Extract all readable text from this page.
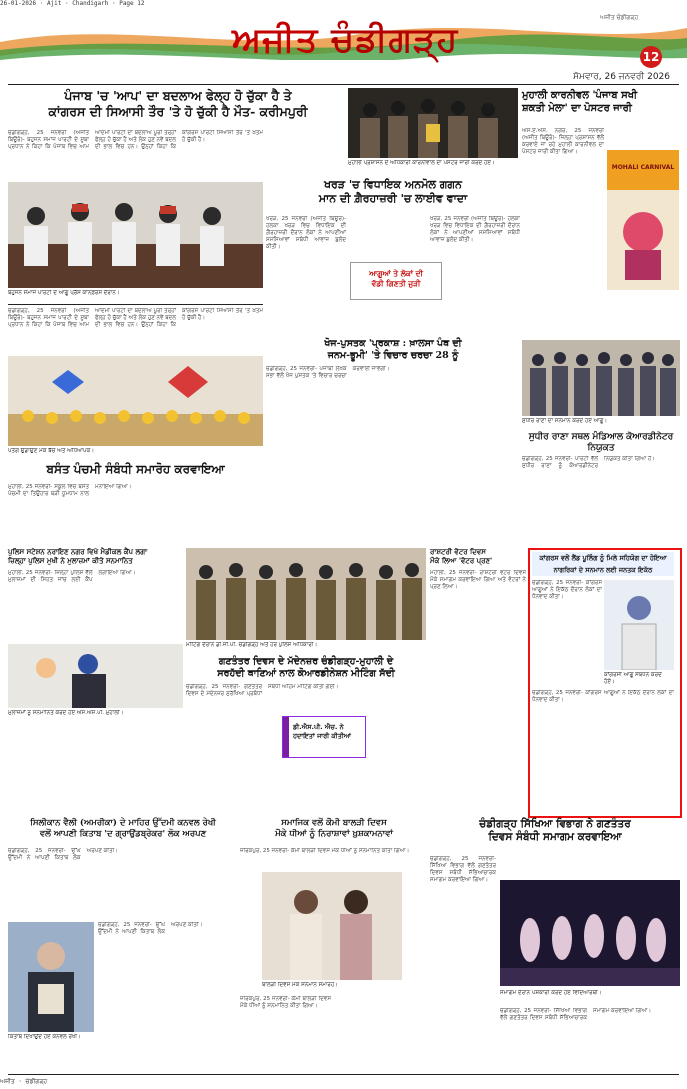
26-01-2026 · Ajit · Chandigarh · Page 12
ਅਜੀਤ ਚੰਡੀਗੜ੍ਹ
ਅਜੀਤ ਚੰਡੀਗੜ੍ਹ
12
ਸੋਮਵਾਰ, 26 ਜਨਵਰੀ 2026
ਪੰਜਾਬ 'ਚ 'ਆਪ' ਦਾ ਬਦਲਾਅ ਫੇਲ੍ਹ ਹੋ ਚੁੱਕਾ ਹੈ ਤੇ
ਕਾਂਗਰਸ ਦੀ ਸਿਆਸੀ ਤੌਰ 'ਤੇ ਹੋ ਚੁੱਕੀ ਹੈ ਮੌਤ- ਕਰੀਮਪੁਰੀ
ਚੰਡੀਗੜ੍ਹ, 25 ਜਨਵਰੀ (ਅਜੀਤ ਬਿਊਰੋ)- ਬਹੁਜਨ ਸਮਾਜ ਪਾਰਟੀ ਦੇ ਸੂਬਾ ਪ੍ਰਧਾਨ ਨੇ ਕਿਹਾ ਕਿ ਪੰਜਾਬ ਵਿਚ ਆਮ ਆਦਮੀ ਪਾਰਟੀ ਦਾ ਬਦਲਾਅ ਪੂਰੀ ਤਰ੍ਹਾਂ ਫੇਲ੍ਹ ਹੋ ਚੁੱਕਾ ਹੈ ਅਤੇ ਲੋਕ ਹੁਣ ਨਵੇਂ ਬਦਲ ਦੀ ਭਾਲ ਵਿਚ ਹਨ। ਉਨ੍ਹਾਂ ਕਿਹਾ ਕਿ ਕਾਂਗਰਸ ਪਾਰਟੀ ਸਿਆਸੀ ਤੌਰ 'ਤੇ ਖ਼ਤਮ ਹੋ ਚੁੱਕੀ ਹੈ।
ਬਹੁਜਨ ਸਮਾਜ ਪਾਰਟੀ ਦੇ ਆਗੂ ਪ੍ਰੈੱਸ ਕਾਨਫ਼ਰੰਸ ਦੌਰਾਨ।
ਮੁਹਾਲੀ ਪ੍ਰਸ਼ਾਸਨ ਦੇ ਅਧਿਕਾਰੀ ਕਾਰਨੀਵਾਲ ਦਾ ਪੋਸਟਰ ਜਾਰੀ ਕਰਦੇ ਹੋਏ।
ਖਰੜ 'ਚ ਵਿਧਾਇਕ ਅਨਮੋਲ ਗਗਨ
ਮਾਨ ਦੀ ਗ਼ੈਰਹਾਜ਼ਰੀ 'ਚ ਲਾਈਵ ਵਾਦਾ
ਖਰੜ, 25 ਜਨਵਰੀ (ਅਜੀਤ ਬਿਊਰੋ)- ਹਲਕਾ ਖਰੜ ਵਿਚ ਵਿਧਾਇਕ ਦੀ ਗ਼ੈਰਹਾਜ਼ਰੀ ਦੌਰਾਨ ਲੋਕਾਂ ਨੇ ਆਪਣੀਆਂ ਸਮੱਸਿਆਵਾਂ ਸਬੰਧੀ ਆਵਾਜ਼ ਬੁਲੰਦ ਕੀਤੀ।
ਆਗੂਆਂ ਤੇ ਲੋਕਾਂ ਦੀ
ਵੱਡੀ ਗਿਣਤੀ ਜੁੜੀ
ਖਰੜ, 25 ਜਨਵਰੀ (ਅਜੀਤ ਬਿਊਰੋ)- ਹਲਕਾ ਖਰੜ ਵਿਚ ਵਿਧਾਇਕ ਦੀ ਗ਼ੈਰਹਾਜ਼ਰੀ ਦੌਰਾਨ ਲੋਕਾਂ ਨੇ ਆਪਣੀਆਂ ਸਮੱਸਿਆਵਾਂ ਸਬੰਧੀ ਆਵਾਜ਼ ਬੁਲੰਦ ਕੀਤੀ।
ਮੁਹਾਲੀ ਕਾਰਨੀਵਲ 'ਪੰਜਾਬ ਸਖੀ
ਸ਼ਕਤੀ ਮੇਲਾ' ਦਾ ਪੋਸਟਰ ਜਾਰੀ
ਐਸ.ਏ.ਐਸ. ਨਗਰ, 25 ਜਨਵਰੀ (ਅਜੀਤ ਬਿਊਰੋ)- ਜ਼ਿਲ੍ਹਾ ਪ੍ਰਸ਼ਾਸਨ ਵੱਲੋਂ ਕਰਵਾਏ ਜਾ ਰਹੇ ਮੁਹਾਲੀ ਕਾਰਨੀਵਲ ਦਾ ਪੋਸਟਰ ਜਾਰੀ ਕੀਤਾ ਗਿਆ।
MOHALI CARNIVAL
ਚੰਡੀਗੜ੍ਹ, 25 ਜਨਵਰੀ (ਅਜੀਤ ਬਿਊਰੋ)- ਬਹੁਜਨ ਸਮਾਜ ਪਾਰਟੀ ਦੇ ਸੂਬਾ ਪ੍ਰਧਾਨ ਨੇ ਕਿਹਾ ਕਿ ਪੰਜਾਬ ਵਿਚ ਆਮ ਆਦਮੀ ਪਾਰਟੀ ਦਾ ਬਦਲਾਅ ਪੂਰੀ ਤਰ੍ਹਾਂ ਫੇਲ੍ਹ ਹੋ ਚੁੱਕਾ ਹੈ ਅਤੇ ਲੋਕ ਹੁਣ ਨਵੇਂ ਬਦਲ ਦੀ ਭਾਲ ਵਿਚ ਹਨ। ਉਨ੍ਹਾਂ ਕਿਹਾ ਕਿ ਕਾਂਗਰਸ ਪਾਰਟੀ ਸਿਆਸੀ ਤੌਰ 'ਤੇ ਖ਼ਤਮ ਹੋ ਚੁੱਕੀ ਹੈ।
ਪਤੰਗ ਉਡਾਉਣ ਮੌਕੇ ਬੱਚੇ ਅਤੇ ਅਧਿਆਪਕ।
ਬਸੰਤ ਪੰਚਮੀ ਸੰਬੰਧੀ ਸਮਾਰੋਹ ਕਰਵਾਇਆ
ਮੁਹਾਲੀ, 25 ਜਨਵਰੀ- ਸਕੂਲ ਵਿਚ ਬਸੰਤ ਪੰਚਮੀ ਦਾ ਤਿਉਹਾਰ ਬੜੀ ਧੂਮਧਾਮ ਨਾਲ ਮਨਾਇਆ ਗਿਆ।
ਖੋਜ-ਪੁਸਤਕ 'ਪ੍ਰਕਾਸ਼ : ਖ਼ਾਲਸਾ ਪੰਥ ਦੀ
ਜਨਮ-ਭੂਮੀ' 'ਤੇ ਵਿਚਾਰ ਚਰਚਾ 28 ਨੂੰ
ਚੰਡੀਗੜ੍ਹ, 25 ਜਨਵਰੀ- ਪੰਜਾਬੀ ਲੇਖਕ ਸਭਾ ਵੱਲੋਂ ਖੋਜ ਪੁਸਤਕ 'ਤੇ ਵਿਚਾਰ ਚਰਚਾ ਕਰਵਾਈ ਜਾਵੇਗੀ।
ਸੁਧੀਰ ਰਾਣਾ ਦਾ ਸਨਮਾਨ ਕਰਦੇ ਹੋਏ ਆਗੂ।
ਸੁਧੀਰ ਰਾਣਾ ਸਥਲ ਮੰਡਿਆਲ ਕੋਆਰਡੀਨੇਟਰ ਨਿਯੁਕਤ
ਚੰਡੀਗੜ੍ਹ, 25 ਜਨਵਰੀ- ਪਾਰਟੀ ਵੱਲੋਂ ਸੁਧੀਰ ਰਾਣਾ ਨੂੰ ਕੋਆਰਡੀਨੇਟਰ ਨਿਯੁਕਤ ਕੀਤਾ ਗਿਆ ਹੈ।
ਪੁਲਿਸ ਸਟੇਸ਼ਨ ਨਰਾਇਣ ਨਗਰ ਵਿਖੇ ਮੈਡੀਕਲ ਕੈਂਪ ਲਗਾ
ਜ਼ਿਲ੍ਹਾ ਪੁਲਿਸ ਮੁਖੀ ਨੇ ਮੁਲਾਜ਼ਮਾਂ ਕੀਤੇ ਸਨਮਾਨਿਤ
ਮੁਹਾਲੀ, 25 ਜਨਵਰੀ- ਜ਼ਿਲ੍ਹਾ ਪੁਲਿਸ ਵੱਲੋਂ ਮੁਲਾਜ਼ਮਾਂ ਦੀ ਸਿਹਤ ਜਾਂਚ ਲਈ ਕੈਂਪ ਲਗਾਇਆ ਗਿਆ।
ਮੁਲਾਜ਼ਮਾਂ ਨੂੰ ਸਨਮਾਨਿਤ ਕਰਦੇ ਹੋਏ ਐਸ.ਐਸ.ਪੀ. ਮੁਹਾਲੀ।
ਮੀਟਿੰਗ ਦੌਰਾਨ ਡੀ.ਜੀ.ਪੀ. ਚੰਡੀਗੜ੍ਹ ਅਤੇ ਹੋਰ ਪੁਲਿਸ ਅਧਿਕਾਰੀ।
ਗਣਤੰਤਰ ਦਿਵਸ ਦੇ ਮੱਦੇਨਜ਼ਰ ਚੰਡੀਗੜ੍ਹ-ਮੁਹਾਲੀ ਦੇ
ਸਰਹੱਦੀ ਥਾਣਿਆਂ ਨਾਲ ਕੋਆਰਡੀਨੇਸ਼ਨ ਮੀਟਿੰਗ ਸੱਦੀ
ਚੰਡੀਗੜ੍ਹ, 25 ਜਨਵਰੀ- ਗਣਤੰਤਰ ਦਿਵਸ ਦੇ ਮੱਦੇਨਜ਼ਰ ਸੁਰੱਖਿਆ ਪ੍ਰਬੰਧਾਂ ਸਬੰਧੀ ਅਹਿਮ ਮੀਟਿੰਗ ਕੀਤੀ ਗਈ।
ਡੀ.ਐਸ.ਪੀ. ਐਚ. ਨੇ ਹਦਾਇਤਾਂ ਜਾਰੀ ਕੀਤੀਆਂ
ਰਾਸ਼ਟਰੀ ਵੋਟਰ ਦਿਵਸ
ਮੌਕੇ ਲਿਆ 'ਵੋਟਰ ਪ੍ਰਣ'
ਮੋਹਾਲੀ, 25 ਜਨਵਰੀ- ਰਾਸ਼ਟਰੀ ਵੋਟਰ ਦਿਵਸ ਮੌਕੇ ਸਮਾਗਮ ਕਰਵਾਇਆ ਗਿਆ ਅਤੇ ਵੋਟਰਾਂ ਨੇ ਪ੍ਰਣ ਲਿਆ।
ਕਾਂਗਰਸ ਵਲੋਂ ਲੈਂਡ ਪੂਲਿੰਗ ਨੂੰ ਮਿਲੇ ਸਹਿਯੋਗ ਦਾ ਹੋਇਆ
ਨਾਗਰਿਕਾਂ ਦੇ ਸਨਮਾਨ ਲਈ ਜਨਤਕ ਇਕੱਠ
ਚੰਡੀਗੜ੍ਹ, 25 ਜਨਵਰੀ- ਕਾਂਗਰਸ ਆਗੂਆਂ ਨੇ ਇਕੱਠ ਦੌਰਾਨ ਲੋਕਾਂ ਦਾ ਧੰਨਵਾਦ ਕੀਤਾ।
ਕਾਂਗਰਸੀ ਆਗੂ ਸੰਬੋਧਨ ਕਰਦੇ ਹੋਏ।
ਚੰਡੀਗੜ੍ਹ, 25 ਜਨਵਰੀ- ਕਾਂਗਰਸ ਆਗੂਆਂ ਨੇ ਇਕੱਠ ਦੌਰਾਨ ਲੋਕਾਂ ਦਾ ਧੰਨਵਾਦ ਕੀਤਾ।
ਚੰਡੀਗੜ੍ਹ ਸਿੱਖਿਆ ਵਿਭਾਗ ਨੇ ਗਣਤੰਤਰ
ਦਿਵਸ ਸੰਬੰਧੀ ਸਮਾਗਮ ਕਰਵਾਇਆ
ਚੰਡੀਗੜ੍ਹ, 25 ਜਨਵਰੀ- ਸਿੱਖਿਆ ਵਿਭਾਗ ਵੱਲੋਂ ਗਣਤੰਤਰ ਦਿਵਸ ਸਬੰਧੀ ਸੱਭਿਆਚਾਰਕ ਸਮਾਗਮ ਕਰਵਾਇਆ ਗਿਆ।
ਸਮਾਗਮ ਦੌਰਾਨ ਪੇਸ਼ਕਾਰੀ ਕਰਦੇ ਹੋਏ ਵਿਦਿਆਰਥੀ।
ਚੰਡੀਗੜ੍ਹ, 25 ਜਨਵਰੀ- ਸਿੱਖਿਆ ਵਿਭਾਗ ਵੱਲੋਂ ਗਣਤੰਤਰ ਦਿਵਸ ਸਬੰਧੀ ਸੱਭਿਆਚਾਰਕ ਸਮਾਗਮ ਕਰਵਾਇਆ ਗਿਆ।
ਸਿਲੀਕਾਨ ਵੈਲੀ (ਅਮਰੀਕਾ) ਦੇ ਮਾਹਿਰ ਉੱਦਮੀ ਕਨਵਲ ਰੇਖੀ
ਵਲੋਂ ਆਪਣੀ ਕਿਤਾਬ 'ਦ ਗ੍ਰਾਉਂਡਬ੍ਰੇਕਰ' ਲੋਕ ਅਰਪਣ
ਚੰਡੀਗੜ੍ਹ, 25 ਜਨਵਰੀ- ਉੱਘੇ ਉੱਦਮੀ ਨੇ ਆਪਣੀ ਕਿਤਾਬ ਲੋਕ ਅਰਪਣ ਕੀਤੀ।
ਕਿਤਾਬ ਦਿਖਾਉਂਦੇ ਹੋਏ ਕਨਵਲ ਰੇਖੀ।
ਚੰਡੀਗੜ੍ਹ, 25 ਜਨਵਰੀ- ਉੱਘੇ ਉੱਦਮੀ ਨੇ ਆਪਣੀ ਕਿਤਾਬ ਲੋਕ ਅਰਪਣ ਕੀਤੀ।
ਸਮਾਜਿਕ ਵਲੋਂ ਕੌਮੀ ਬਾਲੜੀ ਦਿਵਸ
ਮੌਕੇ ਧੀਆਂ ਨੂੰ ਨਿਰਾਸ਼ਾਵਾਂ ਖ਼ੁਸ਼ਕਾਮਨਾਵਾਂ
ਜ਼ੀਰਕਪੁਰ, 25 ਜਨਵਰੀ- ਕੌਮੀ ਬਾਲੜੀ ਦਿਵਸ ਮੌਕੇ ਧੀਆਂ ਨੂੰ ਸਨਮਾਨਿਤ ਕੀਤਾ ਗਿਆ।
ਬਾਲੜੀ ਦਿਵਸ ਮੌਕੇ ਸਨਮਾਨ ਸਮਾਰੋਹ।
ਜ਼ੀਰਕਪੁਰ, 25 ਜਨਵਰੀ- ਕੌਮੀ ਬਾਲੜੀ ਦਿਵਸ ਮੌਕੇ ਧੀਆਂ ਨੂੰ ਸਨਮਾਨਿਤ ਕੀਤਾ ਗਿਆ।
ਅਜੀਤ · ਚੰਡੀਗੜ੍ਹ
